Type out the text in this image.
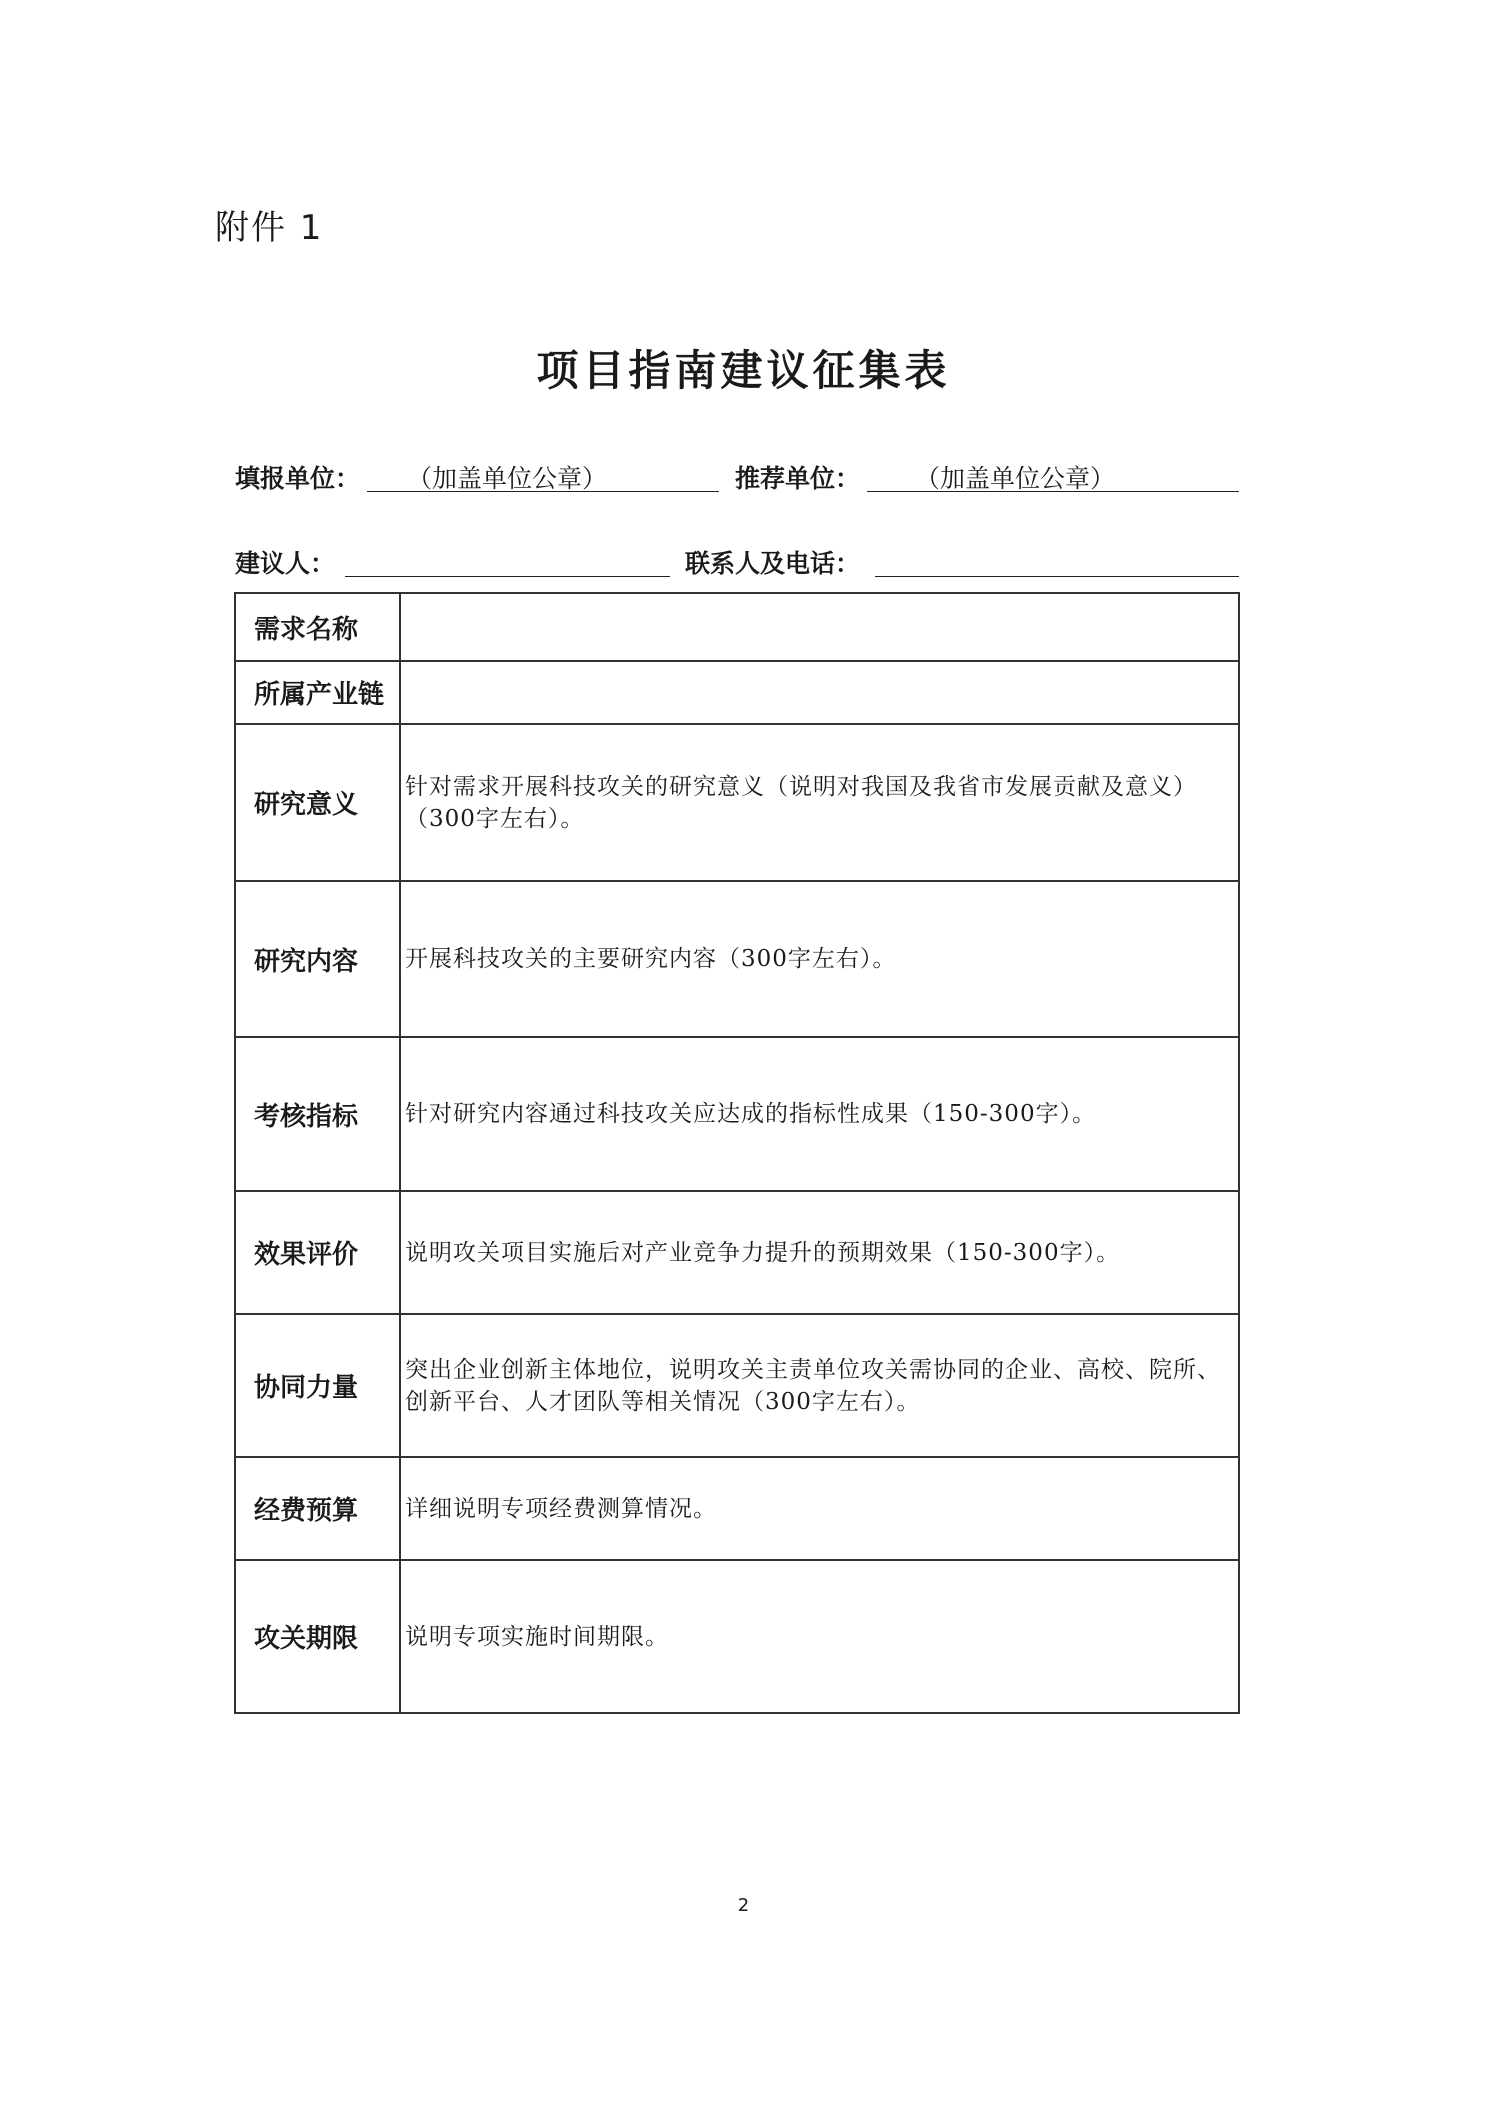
附件 1
项目指南建议征集表
填报单位： （加盖单位公章）	推荐单位： （加盖单位公章）
建议人：	联系人及电话：
需求名称	
所属产业链	
研究意义	针对需求开展科技攻关的研究意义（说明对我国及我省市发展贡献及意义）（300字左右）。
研究内容	开展科技攻关的主要研究内容（300字左右）。
考核指标	针对研究内容通过科技攻关应达成的指标性成果（150-300字）。
效果评价	说明攻关项目实施后对产业竞争力提升的预期效果（150-300字）。
协同力量	突出企业创新主体地位，说明攻关主责单位攻关需协同的企业、高校、院所、创新平台、人才团队等相关情况（300字左右）。
经费预算	详细说明专项经费测算情况。
攻关期限	说明专项实施时间期限。
2
